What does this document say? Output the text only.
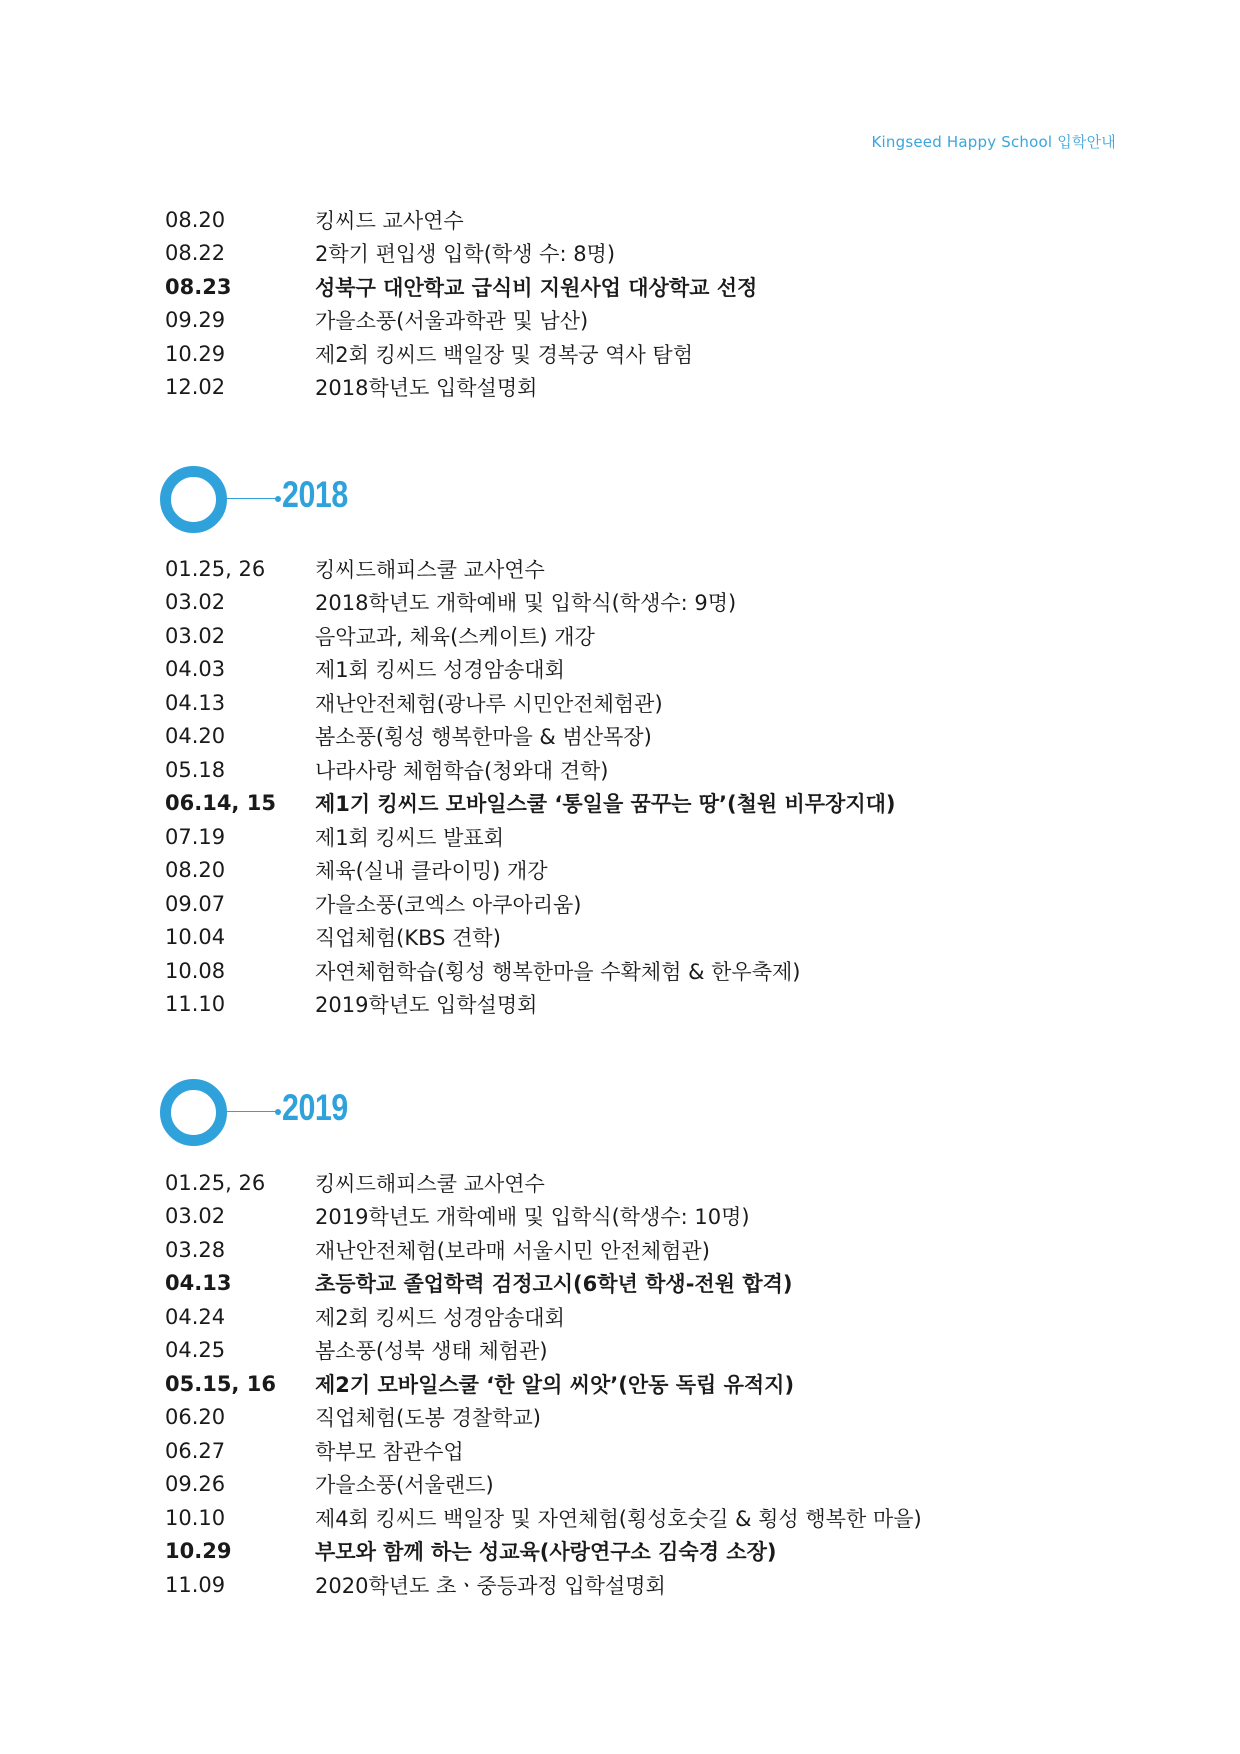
Kingseed Happy School 입학안내
08.20	킹씨드 교사연수
08.22	2학기 편입생 입학(학생 수: 8명)
08.23	성북구 대안학교 급식비 지원사업 대상학교 선정
09.29	가을소풍(서울과학관 및 남산)
10.29	제2회 킹씨드 백일장 및 경복궁 역사 탐험
12.02	2018학년도 입학설명회
2018
01.25, 26	킹씨드해피스쿨 교사연수
03.02	2018학년도 개학예배 및 입학식(학생수: 9명)
03.02	음악교과, 체육(스케이트) 개강
04.03	제1회 킹씨드 성경암송대회
04.13	재난안전체험(광나루 시민안전체험관)
04.20	봄소풍(횡성 행복한마을 & 범산목장)
05.18	나라사랑 체험학습(청와대 견학)
06.14, 15	제1기 킹씨드 모바일스쿨 ‘통일을 꿈꾸는 땅’(철원 비무장지대)
07.19	제1회 킹씨드 발표회
08.20	체육(실내 클라이밍) 개강
09.07	가을소풍(코엑스 아쿠아리움)
10.04	직업체험(KBS 견학)
10.08	자연체험학습(횡성 행복한마을 수확체험 & 한우축제)
11.10	2019학년도 입학설명회
2019
01.25, 26	킹씨드해피스쿨 교사연수
03.02	2019학년도 개학예배 및 입학식(학생수: 10명)
03.28	재난안전체험(보라매 서울시민 안전체험관)
04.13	초등학교 졸업학력 검정고시(6학년 학생-전원 합격)
04.24	제2회 킹씨드 성경암송대회
04.25	봄소풍(성북 생태 체험관)
05.15, 16	제2기 모바일스쿨 ‘한 알의 씨앗’(안동 독립 유적지)
06.20	직업체험(도봉 경찰학교)
06.27	학부모 참관수업
09.26	가을소풍(서울랜드)
10.10	제4회 킹씨드 백일장 및 자연체험(횡성호숫길 & 횡성 행복한 마을)
10.29	부모와 함께 하는 성교육(사랑연구소 김숙경 소장)
11.09	2020학년도 초ㆍ중등과정 입학설명회
